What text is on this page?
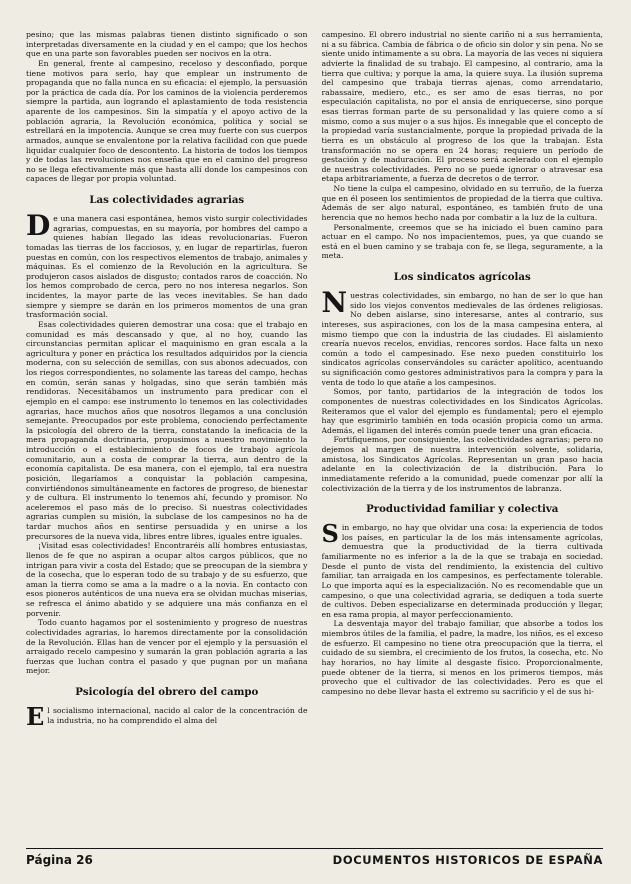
pesino; que las mismas palabras tienen distinto significado o son interpretadas diversamente en la ciudad y en el campo; que los hechos que en una parte son favorables pueden ser nocivos en la otra.

En general, frente al campesino, receloso y desconfiado, porque tiene motivos para serlo, hay que emplear un instrumento de propaganda que no falla nunca en su eficacia: el ejemplo, la persuasión por la práctica de cada día. Por los caminos de la violencia perderemos siempre la partida, aun logrando el aplastamiento de toda resistencia aparente de los campesinos. Sin la simpatía y el apoyo activo de la población agraria, la Revolución económica, política y social se estrellará en la impotencia. Aunque se crea muy fuerte con sus cuerpos armados, aunque se envalentone por la relativa facilidad con que puede liquidar cualquier foco de descontento. La historia de todos los tiempos y de todas las revoluciones nos enseña que en el camino del progreso no se llega efectivamente más que hasta allí donde los campesinos con capaces de llegar por propia voluntad.

Las colectividades agrarias

De una manera casi espontánea, hemos visto surgir colectividades agrarias, compuestas, en su mayoría, por hombres del campo a quienes habían llegado las ideas revolucionarias. Fueron tomadas las tierras de los facciosos, y, en lugar de repartirlas, fueron puestas en común, con los respectivos elementos de trabajo, animales y máquinas. Es el comienzo de la Revolución en la agricultura. Se produjeron casos aislados de disgusto; contados raros de coacción. No los hemos comprobado de cerca, pero no nos interesa negarlos. Son incidentes, la mayor parte de las veces inevitables. Se han dado siempre y siempre se darán en los primeros momentos de una gran trasformación social.

Esas colectividades quieren demostrar una cosa: que el trabajo en comunidad es más descansado y que, al no hoy, cuando las circunstancias permitan aplicar el maquinismo en gran escala a la agricultura y poner en práctica los resultados adquiridos por la ciencia moderna, con su selección de semillas, con sus abonos adecuados, con los riegos correspondientes, no solamente las tareas del campo, hechas en común, serán sanas y holgadas, sino que serán también más rendidoras. Necesitábamos un instrumento para predicar con el ejemplo en el campo: ese instrumento lo tenemos en las colectividades agrarias, hace muchos años que nosotros llegamos a una conclusión semejante. Preocupados por este problema, conociendo perfectamente la psicología del obrero de la tierra, constatando la ineficacia de la mera propaganda doctrinaria, propusimos a nuestro movimiento la introducción o el establecimiento de focos de trabajo agrícola comunitario, aun a costa de comprar la tierra, aun dentro de la economía capitalista. De esa manera, con el ejemplo, tal era nuestra posición, llegaríamos a conquistar la población campesina, convirtiéndonos simultáneamente en factores de progreso, de bienestar y de cultura. El instrumento lo tenemos ahí, fecundo y promisor. No aceleremos el paso más de lo preciso. Si nuestras colectividades agrarias cumplen su misión, la subclase de los campesinos no ha de tardar muchos años en sentirse persuadida y en unirse a los precursores de la nueva vida, libres entre libres, iguales entre iguales.

¡Visitad esas colectividades! Encontraréis allí hombres entusiastas, llenos de fe que no aspiran a ocupar altos cargos públicos, que no intrigan para vivir a costa del Estado; que se preocupan de la siembra y de la cosecha, que lo esperan todo de su trabajo y de su esfuerzo, que aman la tierra como se ama a la madre o a la novia. En contacto con esos pioneros auténticos de una nueva era se olvidan muchas miserias, se refresca el ánimo abatido y se adquiere una más confianza en el porvenir.

Todo cuanto hagamos por el sostenimiento y progreso de nuestras colectividades agrarias, lo haremos directamente por la consolidación de la Revolución. Ellas han de vencer por el ejemplo y la persuasión el arraigado recelo campesino y sumarán la gran población agraria a las fuerzas que luchan contra el pasado y que pugnan por un mañana mejor.

Psicología del obrero del campo

El socialismo internacional, nacido al calor de la concentración de la industria, no ha comprendido el alma del

campesino. El obrero industrial no siente cariño ni a sus herramienta, ni a su fábrica. Cambia de fábrica o de oficio sin dolor y sin pena. No se siente unido íntimamente a su obra. La mayoría de las veces ni siquiera advierte la finalidad de su trabajo. El campesino, al contrario, ama la tierra que cultiva; y porque la ama, la quiere suya. La ilusión suprema del campesino que trabaja tierras ajenas, como arrendatario, rabassaire, mediero, etc., es ser amo de esas tierras, no por especulación capitalista, no por el ansia de enriquecerse, sino porque esas tierras forman parte de su personalidad y las quiere como a sí mismo, como a sus mujer o a sus hijos. Es innegable que el concepto de la propiedad varía sustancialmente, porque la propiedad privada de la tierra es un obstáculo al progreso de los que la trabajan. Esta transformación no se opera en 24 horas; requiere un período de gestación y de maduración. El proceso será acelerado con el ejemplo de nuestras colectividades. Pero no se puede ignorar o atravesar esa etapa arbitrariamente, a fuerza de decretos o de terror.

No tiene la culpa el campesino, olvidado en su terruño, de la fuerza que en él poseen los sentimientos de propiedad de la tierra que cultiva. Además de ser algo natural, espontáneo, es también fruto de una herencia que no hemos hecho nada por combatir a la luz de la cultura.

Personalmente, creemos que se ha iniciado el buen camino para actuar en el campo. No nos impacientemos, pues, ya que cuando se está en el buen camino y se trabaja con fe, se llega, seguramente, a la meta.

Los sindicatos agrícolas

Nuestras colectividades, sin embargo, no han de ser lo que han sido los viejos conventos medievales de las órdenes religiosas. No deben aislarse, sino interesarse, antes al contrario, sus intereses, sus aspiraciones, con los de la masa campesina entera, al mismo tiempo que con la industria de las ciudades. El aislamiento crearía nuevos recelos, envidias, rencores sordos. Hace falta un nexo común a todo el campesinado. Ese nexo pueden constituirlo los sindicatos agrícolas conservándoles su carácter apolítico, acentuando su significación como gestores administrativos para la compra y para la venta de todo lo que atañe a los campesinos.

Somos, por tanto, partidarios de la integración de todos los componentes de nuestras colectividades en los Sindicatos Agrícolas. Reiteramos que el valor del ejemplo es fundamental; pero el ejemplo hay que esgrimirlo también en toda ocasión propicia como un arma. Además, el ligamen del interés común puede tener una gran eficacia.

Fortifiquemos, por consiguiente, las colectividades agrarias; pero no dejemos al margen de nuestra intervención solvente, solidaria, amistosa, los Sindicatos Agrícolas. Representan un gran paso hacia adelante en la colectivización de la distribución. Para lo inmediatamente referido a la comunidad, puede comenzar por allí la colectivización de la tierra y de los instrumentos de labranza.

Productividad familiar y colectiva

Sin embargo, no hay que olvidar una cosa: la experiencia de todos los países, en particular la de los más intensamente agrícolas, demuestra que la productividad de la tierra cultivada familiarmente no es inferior a la de la que se trabaja en sociedad. Desde el punto de vista del rendimiento, la existencia del cultivo familiar, tan arraigada en los campesinos, es perfectamente tolerable. Lo que importa aquí es la especialización. No es recomendable que un campesino, o que una colectividad agraria, se dediquen a toda suerte de cultivos. Deben especializarse en determinada producción y llegar, en esa rama propia, al mayor perfeccionamiento.

La desventaja mayor del trabajo familiar, que absorbe a todos los miembros útiles de la familia, el padre, la madre, los niños, es el exceso de esfuerzo. El campesino no tiene otra preocupación que la tierra, el cuidado de su siembra, el crecimiento de los frutos, la cosecha, etc. No hay horarios, no hay límite al desgaste físico. Proporcionalmente, puede obtener de la tierra, si menos en los primeros tiempos, más provecho que el cultivador de las colectividades. Pero es que el campesino no debe llevar hasta el extremo su sacrificio y el de sus hi-

Página 26	DOCUMENTOS HISTORICOS DE ESPAÑA
